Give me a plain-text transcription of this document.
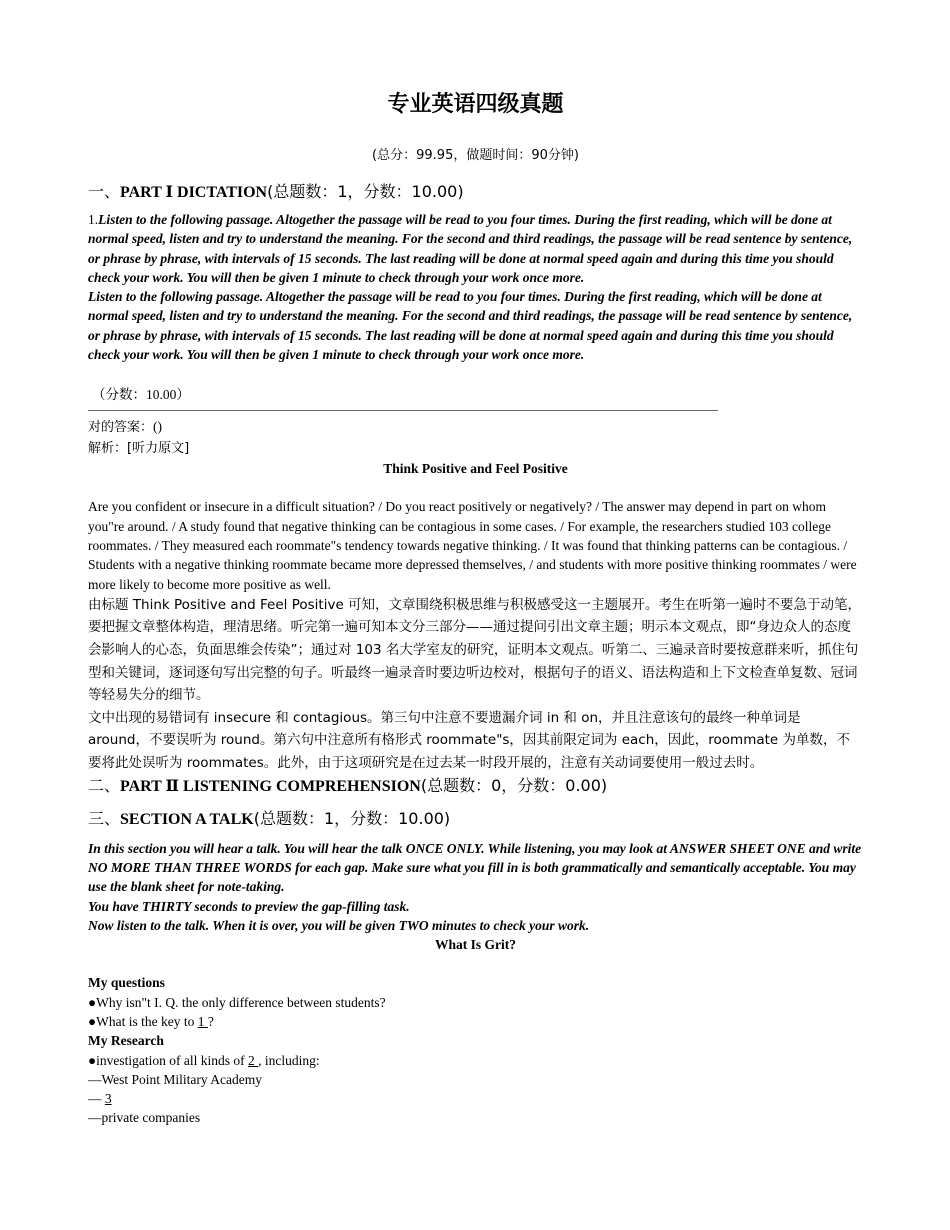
专业英语四级真题
(总分：99.95，做题时间：90分钟)
一、PART Ⅰ DICTATION(总题数：1，分数：10.00)
1.Listen to the following passage. Altogether the passage will be read to you four times. During the first reading, which will be done at normal speed, listen and try to understand the meaning. For the second and third readings, the passage will be read sentence by sentence, or phrase by phrase, with intervals of 15 seconds. The last reading will be done at normal speed again and during this time you should check your work. You will then be given 1 minute to check through your work once more.
Listen to the following passage. Altogether the passage will be read to you four times. During the first reading, which will be done at normal speed, listen and try to understand the meaning. For the second and third readings, the passage will be read sentence by sentence, or phrase by phrase, with intervals of 15 seconds. The last reading will be done at normal speed again and during this time you should check your work. You will then be given 1 minute to check through your work once more.
（分数：10.00）
对的答案：()
解析：[听力原文]
Think Positive and Feel Positive
Are you confident or insecure in a difficult situation? / Do you react positively or negatively? / The answer may depend in part on whom you"re around. / A study found that negative thinking can be contagious in some cases. / For example, the researchers studied 103 college roommates. / They measured each roommate"s tendency towards negative thinking. / It was found that thinking patterns can be contagious. / Students with a negative thinking roommate became more depressed themselves, / and students with more positive thinking roommates / were more likely to become more positive as well.
由标题 Think Positive and Feel Positive 可知，文章围绕积极思维与积极感受这一主题展开。考生在听第一遍时不要急于动笔，要把握文章整体构造，理清思绪。听完第一遍可知本文分三部分——通过提问引出文章主题；明示本文观点，即“身边众人的态度会影响人的心态，负面思维会传染”；通过对 103 名大学室友的研究，证明本文观点。听第二、三遍录音时要按意群来听，抓住句型和关键词，逐词逐句写出完整的句子。听最终一遍录音时要边听边校对，根据句子的语义、语法构造和上下文检查单复数、冠词等轻易失分的细节。
文中出现的易错词有 insecure 和 contagious。第三句中注意不要遗漏介词 in 和 on，并且注意该句的最终一种单词是 around，不要误听为 round。第六句中注意所有格形式 roommate"s，因其前限定词为 each，因此，roommate 为单数，不要将此处误听为 roommates。此外，由于这项研究是在过去某一时段开展的，注意有关动词要使用一般过去时。
二、PART Ⅱ LISTENING COMPREHENSION(总题数：0，分数：0.00)
三、SECTION A TALK(总题数：1，分数：10.00)
In this section you will hear a talk. You will hear the talk ONCE ONLY. While listening, you may look at ANSWER SHEET ONE and write NO MORE THAN THREE WORDS for each gap. Make sure what you fill in is both grammatically and semantically acceptable. You may use the blank sheet for note-taking.
You have THIRTY seconds to preview the gap-filling task.
Now listen to the talk. When it is over, you will be given TWO minutes to check your work.
What Is Grit?
My questions
●Why isn"t I. Q. the only difference between students?
●What is the key to 1 ?
My Research
●investigation of all kinds of 2 , including:
—West Point Military Academy
— 3
—private companies
